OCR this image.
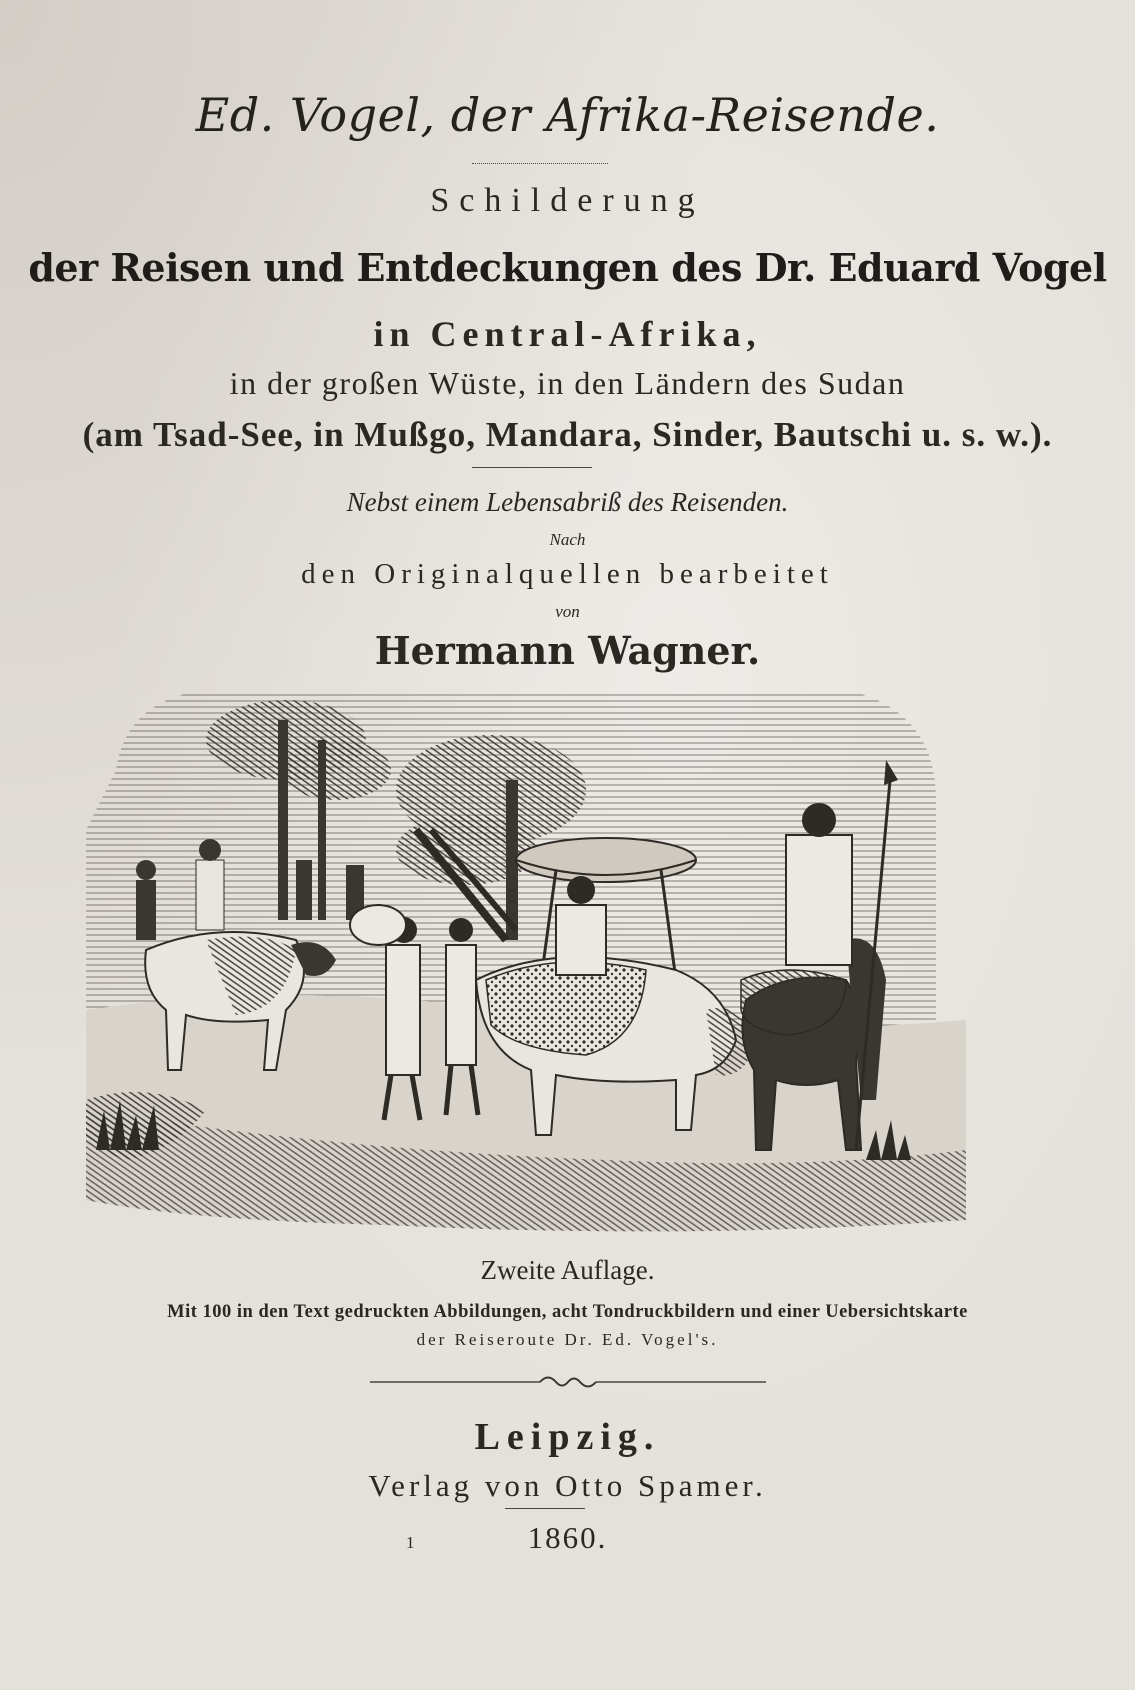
Ed. Vogel, der Afrika-Reisende.
Schilderung
der Reisen und Entdeckungen des Dr. Eduard Vogel
in Central-Afrika,
in der großen Wüste, in den Ländern des Sudan
(am Tsad-See, in Mußgo, Mandara, Sinder, Bautschi u. s. w.).
Nebst einem Lebensabriß des Reisenden.
Nach
den Originalquellen bearbeitet
von
Hermann Wagner.
Zweite Auflage.
Mit 100 in den Text gedruckten Abbildungen, acht Tondruckbildern und einer Uebersichtskarte
der Reiseroute Dr. Ed. Vogel's.
Leipzig.
Verlag von Otto Spamer.
1860.
1
